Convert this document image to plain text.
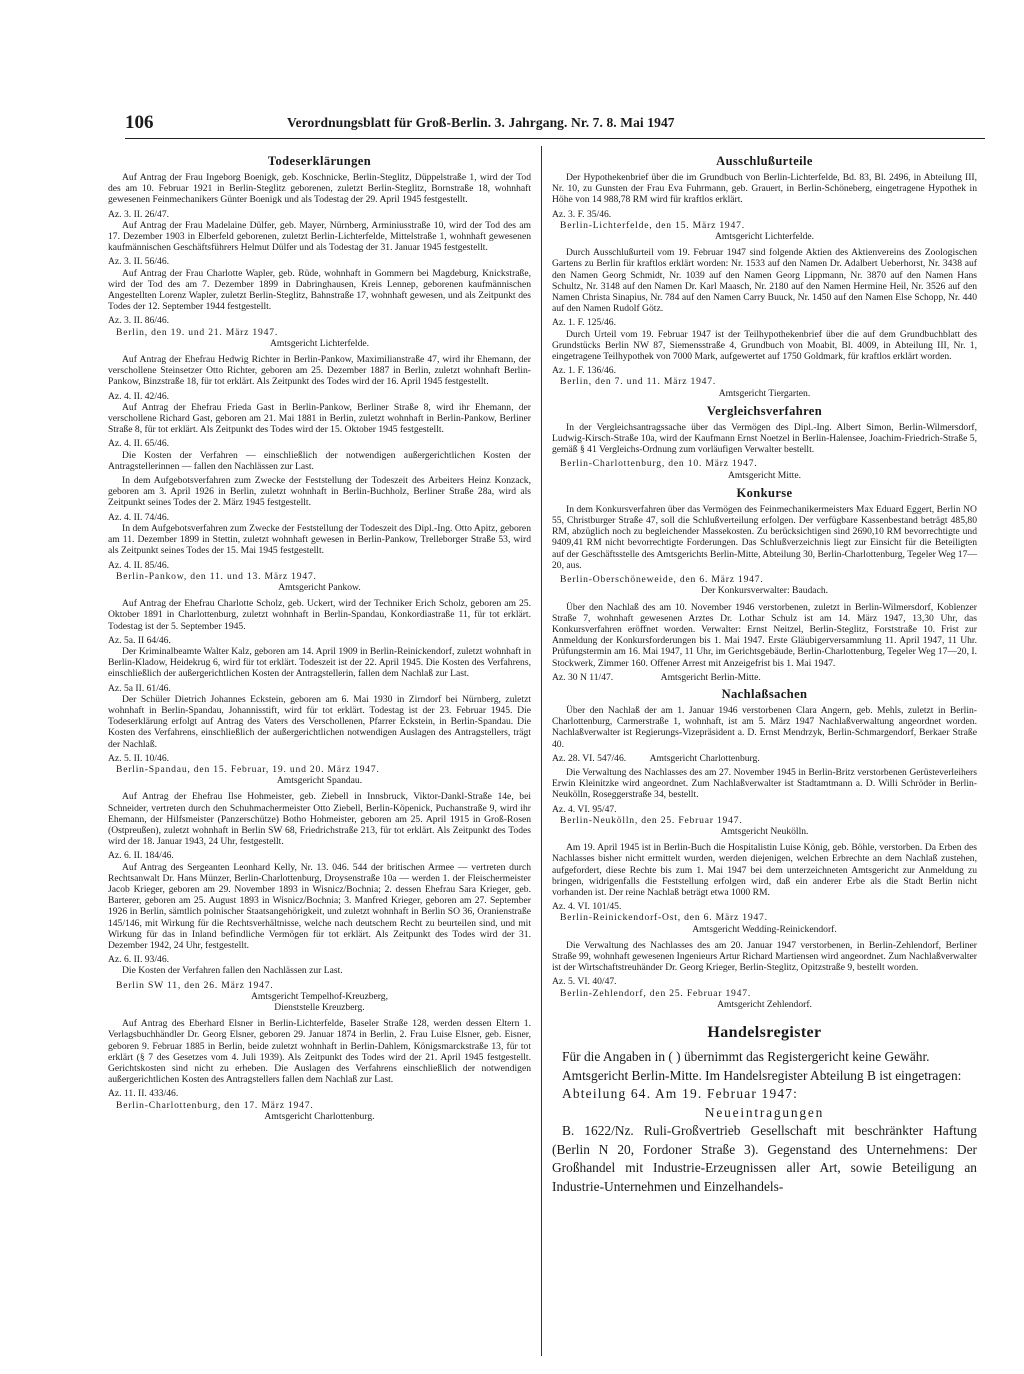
106	Verordnungsblatt für Groß-Berlin. 3. Jahrgang. Nr. 7. 8. Mai 1947
Todeserklärungen

Auf Antrag der Frau Ingeborg Boenigk, geb. Koschnicke, Berlin-Steglitz, Düppelstraße 1, wird der Tod des am 10. Februar 1921 in Berlin-Steglitz geborenen, zuletzt Berlin-Steglitz, Bornstraße 18, wohnhaft gewesenen Feinmechanikers Günter Boenigk und als Todestag der 29. April 1945 festgestellt.

Az. 3. II. 26/47.

Auf Antrag der Frau Madelaine Dülfer, geb. Mayer, Nürnberg, Arminiusstraße 10, wird der Tod des am 17. Dezember 1903 in Elberfeld geborenen, zuletzt Berlin-Lichterfelde, Mittelstraße 1, wohnhaft gewesenen kaufmännischen Geschäftsführers Helmut Dülfer und als Todestag der 31. Januar 1945 festgestellt.

Az. 3. II. 56/46.

Auf Antrag der Frau Charlotte Wapler, geb. Rüde, wohnhaft in Gommern bei Magdeburg, Knickstraße, wird der Tod des am 7. Dezember 1899 in Dabringhausen, Kreis Lennep, geborenen kaufmännischen Angestellten Lorenz Wapler, zuletzt Berlin-Steglitz, Bahnstraße 17, wohnhaft gewesen, und als Zeitpunkt des Todes der 12. September 1944 festgestellt.

Az. 3. II. 86/46.

Berlin, den 19. und 21. März 1947.

Amtsgericht Lichterfelde.

Auf Antrag der Ehefrau Hedwig Richter in Berlin-Pankow, Maximilianstraße 47, wird ihr Ehemann, der verschollene Steinsetzer Otto Richter, geboren am 25. Dezember 1887 in Berlin, zuletzt wohnhaft Berlin-Pankow, Binzstraße 18, für tot erklärt. Als Zeitpunkt des Todes wird der 16. April 1945 festgestellt.

Az. 4. II. 42/46.

Auf Antrag der Ehefrau Frieda Gast in Berlin-Pankow, Berliner Straße 8, wird ihr Ehemann, der verschollene Richard Gast, geboren am 21. Mai 1881 in Berlin, zuletzt wohnhaft in Berlin-Pankow, Berliner Straße 8, für tot erklärt. Als Zeitpunkt des Todes wird der 15. Oktober 1945 festgestellt.

Az. 4. II. 65/46.

Die Kosten der Verfahren — einschließlich der notwendigen außergerichtlichen Kosten der Antragstellerinnen — fallen den Nachlässen zur Last.

In dem Aufgebotsverfahren zum Zwecke der Feststellung der Todeszeit des Arbeiters Heinz Konzack, geboren am 3. April 1926 in Berlin, zuletzt wohnhaft in Berlin-Buchholz, Berliner Straße 28a, wird als Zeitpunkt seines Todes der 2. März 1945 festgestellt.

Az. 4. II. 74/46.

In dem Aufgebotsverfahren zum Zwecke der Feststellung der Todeszeit des Dipl.-Ing. Otto Apitz, geboren am 11. Dezember 1899 in Stettin, zuletzt wohnhaft gewesen in Berlin-Pankow, Trelleborger Straße 53, wird als Zeitpunkt seines Todes der 15. Mai 1945 festgestellt.

Az. 4. II. 85/46.

Berlin-Pankow, den 11. und 13. März 1947.

Amtsgericht Pankow.

Auf Antrag der Ehefrau Charlotte Scholz, geb. Uckert, wird der Techniker Erich Scholz, geboren am 25. Oktober 1891 in Charlottenburg, zuletzt wohnhaft in Berlin-Spandau, Konkordiastraße 11, für tot erklärt. Todestag ist der 5. September 1945.

Az. 5a. II 64/46.

Der Kriminalbeamte Walter Kalz, geboren am 14. April 1909 in Berlin-Reinickendorf, zuletzt wohnhaft in Berlin-Kladow, Heidekrug 6, wird für tot erklärt. Todeszeit ist der 22. April 1945. Die Kosten des Verfahrens, einschließlich der außergerichtlichen Kosten der Antragstellerin, fallen dem Nachlaß zur Last.

Az. 5a II. 61/46.

Der Schüler Dietrich Johannes Eckstein, geboren am 6. Mai 1930 in Zirndorf bei Nürnberg, zuletzt wohnhaft in Berlin-Spandau, Johannisstift, wird für tot erklärt. Todestag ist der 23. Februar 1945. Die Todeserklärung erfolgt auf Antrag des Vaters des Verschollenen, Pfarrer Eckstein, in Berlin-Spandau. Die Kosten des Verfahrens, einschließlich der außergerichtlichen notwendigen Auslagen des Antragstellers, trägt der Nachlaß.

Az. 5. II. 10/46.

Berlin-Spandau, den 15. Februar, 19. und 20. März 1947.

Amtsgericht Spandau.

Auf Antrag der Ehefrau Ilse Hohmeister, geb. Ziebell in Innsbruck, Viktor-Dankl-Straße 14e, bei Schneider, vertreten durch den Schuhmachermeister Otto Ziebell, Berlin-Köpenick, Puchanstraße 9, wird ihr Ehemann, der Hilfsmeister (Panzerschütze) Botho Hohmeister, geboren am 25. April 1915 in Groß-Rosen (Ostpreußen), zuletzt wohnhaft in Berlin SW 68, Friedrichstraße 213, für tot erklärt. Als Zeitpunkt des Todes wird der 18. Januar 1943, 24 Uhr, festgestellt.

Az. 6. II. 184/46.

Auf Antrag des Sergeanten Leonhard Kelly, Nr. 13. 046. 544 der britischen Armee — vertreten durch Rechtsanwalt Dr. Hans Münzer, Berlin-Charlottenburg, Droysenstraße 10a — werden 1. der Fleischermeister Jacob Krieger, geboren am 29. November 1893 in Wisnicz/Bochnia; 2. dessen Ehefrau Sara Krieger, geb. Barterer, geboren am 25. August 1893 in Wisnicz/Bochnia; 3. Manfred Krieger, geboren am 27. September 1926 in Berlin, sämtlich polnischer Staatsangehörigkeit, und zuletzt wohnhaft in Berlin SO 36, Oranienstraße 145/146, mit Wirkung für die Rechtsverhältnisse, welche nach deutschem Recht zu beurteilen sind, und mit Wirkung für das in Inland befindliche Vermögen für tot erklärt. Als Zeitpunkt des Todes wird der 31. Dezember 1942, 24 Uhr, festgestellt.

Az. 6. II. 93/46.

Die Kosten der Verfahren fallen den Nachlässen zur Last.

Berlin SW 11, den 26. März 1947.

Amtsgericht Tempelhof-Kreuzberg,

Dienststelle Kreuzberg.

Auf Antrag des Eberhard Elsner in Berlin-Lichterfelde, Baseler Straße 128, werden dessen Eltern 1. Verlagsbuchhändler Dr. Georg Elsner, geboren 29. Januar 1874 in Berlin, 2. Frau Luise Elsner, geb. Eisner, geboren 9. Februar 1885 in Berlin, beide zuletzt wohnhaft in Berlin-Dahlem, Königsmarckstraße 13, für tot erklärt (§ 7 des Gesetzes vom 4. Juli 1939). Als Zeitpunkt des Todes wird der 21. April 1945 festgestellt. Gerichtskosten sind nicht zu erheben. Die Auslagen des Verfahrens einschließlich der notwendigen außergerichtlichen Kosten des Antragstellers fallen dem Nachlaß zur Last.

Az. 11. II. 433/46.

Berlin-Charlottenburg, den 17. März 1947.

Amtsgericht Charlottenburg.

Ausschlußurteile

Der Hypothekenbrief über die im Grundbuch von Berlin-Lichterfelde, Bd. 83, Bl. 2496, in Abteilung III, Nr. 10, zu Gunsten der Frau Eva Fuhrmann, geb. Grauert, in Berlin-Schöneberg, eingetragene Hypothek in Höhe von 14 988,78 RM wird für kraftlos erklärt.

Az. 3. F. 35/46.

Berlin-Lichterfelde, den 15. März 1947.

Amtsgericht Lichterfelde.

Durch Ausschlußurteil vom 19. Februar 1947 sind folgende Aktien des Aktienvereins des Zoologischen Gartens zu Berlin für kraftlos erklärt worden: Nr. 1533 auf den Namen Dr. Adalbert Ueberhorst, Nr. 3438 auf den Namen Georg Schmidt, Nr. 1039 auf den Namen Georg Lippmann, Nr. 3870 auf den Namen Hans Schultz, Nr. 3148 auf den Namen Dr. Karl Maasch, Nr. 2180 auf den Namen Hermine Heil, Nr. 3526 auf den Namen Christa Sinapius, Nr. 784 auf den Namen Carry Buuck, Nr. 1450 auf den Namen Else Schopp, Nr. 440 auf den Namen Rudolf Götz.

Az. 1. F. 125/46.

Durch Urteil vom 19. Februar 1947 ist der Teilhypothekenbrief über die auf dem Grundbuchblatt des Grundstücks Berlin NW 87, Siemensstraße 4, Grundbuch von Moabit, Bl. 4009, in Abteilung III, Nr. 1, eingetragene Teilhypothek von 7000 Mark, aufgewertet auf 1750 Goldmark, für kraftlos erklärt worden.

Az. 1. F. 136/46.

Berlin, den 7. und 11. März 1947.

Amtsgericht Tiergarten.

Vergleichsverfahren

In der Vergleichsantragssache über das Vermögen des Dipl.-Ing. Albert Simon, Berlin-Wilmersdorf, Ludwig-Kirsch-Straße 10a, wird der Kaufmann Ernst Noetzel in Berlin-Halensee, Joachim-Friedrich-Straße 5, gemäß § 41 Vergleichs-Ordnung zum vorläufigen Verwalter bestellt.

Berlin-Charlottenburg, den 10. März 1947.

Amtsgericht Mitte.

Konkurse

In dem Konkursverfahren über das Vermögen des Feinmechanikermeisters Max Eduard Eggert, Berlin NO 55, Christburger Straße 47, soll die Schlußverteilung erfolgen. Der verfügbare Kassenbestand beträgt 485,80 RM, abzüglich noch zu begleichender Massekosten. Zu berücksichtigen sind 2690,10 RM bevorrechtigte und 9409,41 RM nicht bevorrechtigte Forderungen. Das Schlußverzeichnis liegt zur Einsicht für die Beteiligten auf der Geschäftsstelle des Amtsgerichts Berlin-Mitte, Abteilung 30, Berlin-Charlottenburg, Tegeler Weg 17—20, aus.

Berlin-Oberschöneweide, den 6. März 1947.

Der Konkursverwalter: Baudach.

Über den Nachlaß des am 10. November 1946 verstorbenen, zuletzt in Berlin-Wilmersdorf, Koblenzer Straße 7, wohnhaft gewesenen Arztes Dr. Lothar Schulz ist am 14. März 1947, 13,30 Uhr, das Konkursverfahren eröffnet worden. Verwalter: Ernst Neitzel, Berlin-Steglitz, Forststraße 10. Frist zur Anmeldung der Konkursforderungen bis 1. Mai 1947. Erste Gläubigerversammlung 11. April 1947, 11 Uhr. Prüfungstermin am 16. Mai 1947, 11 Uhr, im Gerichtsgebäude, Berlin-Charlottenburg, Tegeler Weg 17—20, I. Stockwerk, Zimmer 160. Offener Arrest mit Anzeigefrist bis 1. Mai 1947.

Az. 30 N 11/47.                    Amtsgericht Berlin-Mitte.

Nachlaßsachen

Über den Nachlaß der am 1. Januar 1946 verstorbenen Clara Angern, geb. Mehls, zuletzt in Berlin-Charlottenburg, Carmerstraße 1, wohnhaft, ist am 5. März 1947 Nachlaßverwaltung angeordnet worden. Nachlaßverwalter ist Regierungs-Vizepräsident a. D. Ernst Mendrzyk, Berlin-Schmargendorf, Berkaer Straße 40.

Az. 28. VI. 547/46.          Amtsgericht Charlottenburg.

Die Verwaltung des Nachlasses des am 27. November 1945 in Berlin-Britz verstorbenen Gerüsteverleihers Erwin Kleinitzke wird angeordnet. Zum Nachlaßverwalter ist Stadtamtmann a. D. Willi Schröder in Berlin-Neukölln, Roseggerstraße 34, bestellt.

Az. 4. VI. 95/47.

Berlin-Neukölln, den 25. Februar 1947.

Amtsgericht Neukölln.

Am 19. April 1945 ist in Berlin-Buch die Hospitalistin Luise König, geb. Böhle, verstorben. Da Erben des Nachlasses bisher nicht ermittelt wurden, werden diejenigen, welchen Erbrechte an dem Nachlaß zustehen, aufgefordert, diese Rechte bis zum 1. Mai 1947 bei dem unterzeichneten Amtsgericht zur Anmeldung zu bringen, widrigenfalls die Feststellung erfolgen wird, daß ein anderer Erbe als die Stadt Berlin nicht vorhanden ist. Der reine Nachlaß beträgt etwa 1000 RM.

Az. 4. VI. 101/45.

Berlin-Reinickendorf-Ost, den 6. März 1947.

Amtsgericht Wedding-Reinickendorf.

Die Verwaltung des Nachlasses des am 20. Januar 1947 verstorbenen, in Berlin-Zehlendorf, Berliner Straße 99, wohnhaft gewesenen Ingenieurs Artur Richard Martiensen wird angeordnet. Zum Nachlaßverwalter ist der Wirtschaftstreuhänder Dr. Georg Krieger, Berlin-Steglitz, Opitzstraße 9, bestellt worden.

Az. 5. VI. 40/47.

Berlin-Zehlendorf, den 25. Februar 1947.

Amtsgericht Zehlendorf.

Handelsregister

Für die Angaben in ( ) übernimmt das Registergericht keine Gewähr.

Amtsgericht Berlin-Mitte. Im Handelsregister Abteilung B ist eingetragen:

Abteilung 64. Am 19. Februar 1947:

Neueintragungen

B. 1622/Nz. Ruli-Großvertrieb Gesellschaft mit beschränkter Haftung (Berlin N 20, Fordoner Straße 3). Gegenstand des Unternehmens: Der Großhandel mit Industrie-Erzeugnissen aller Art, sowie Beteiligung an Industrie-Unternehmen und Einzelhandels-
